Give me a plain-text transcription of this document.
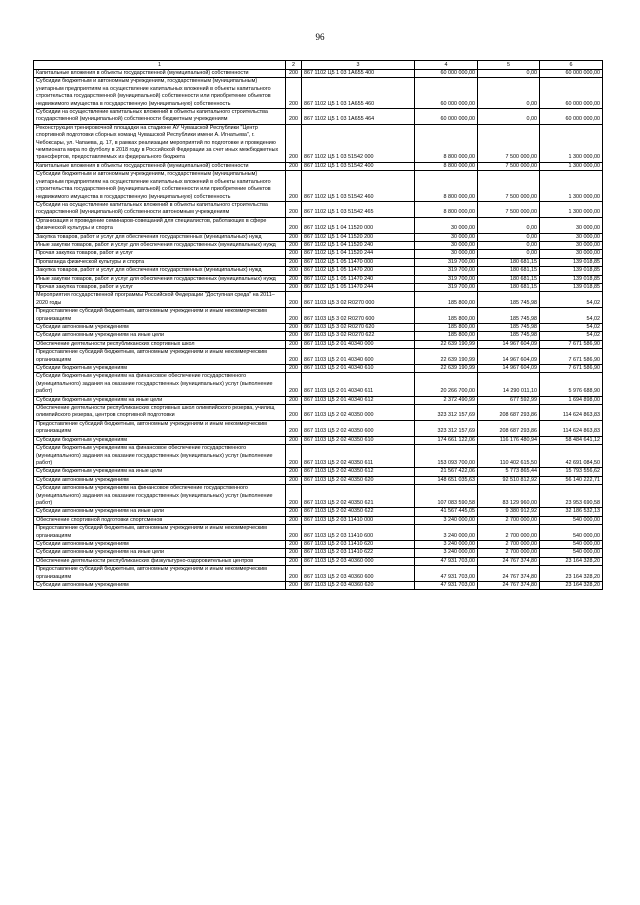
96
1	2	3	4	5	6
Капитальные вложения в объекты государственной (муниципальной) собственности	200	867 1102 Ц5 1 03 1А655 400	60 000 000,00	0,00	60 000 000,00
Субсидии бюджетным и автономным учреждениям, государственным (муниципальным) унитарным предприятиям на осуществление капитальных вложений в объекты капитального строительства государственной (муниципальной) собственности или приобретение объектов недвижимого имущества в государственную (муниципальную) собственность	200	867 1102 Ц5 1 03 1А655 460	60 000 000,00	0,00	60 000 000,00
Субсидии на осуществление капитальных вложений в объекты капитального строительства государственной (муниципальной) собственности бюджетным учреждениям	200	867 1102 Ц5 1 03 1А655 464	60 000 000,00	0,00	60 000 000,00
Реконструкция тренировочной площадки на стадионе АУ Чувашской Республики "Центр спортивной подготовки сборных команд Чувашской Республики имени А. Игнатьева", г. Чебоксары, ул. Чапаева, д. 17, в рамках реализации мероприятий по подготовке и проведению чемпионата мира по футболу в 2018 году в Российской Федерации за счет иных межбюджетных трансфертов, предоставляемых из федерального бюджета	200	867 1102 Ц5 1 03 51542 000	8 800 000,00	7 500 000,00	1 300 000,00
Капитальные вложения в объекты государственной (муниципальной) собственности	200	867 1102 Ц5 1 03 51542 400	8 800 000,00	7 500 000,00	1 300 000,00
Субсидии бюджетным и автономным учреждениям, государственным (муниципальным) унитарным предприятиям на осуществление капитальных вложений в объекты капитального строительства государственной (муниципальной) собственности или приобретение объектов недвижимого имущества в государственную (муниципальную) собственность	200	867 1102 Ц5 1 03 51542 460	8 800 000,00	7 500 000,00	1 300 000,00
Субсидии на осуществление капитальных вложений в объекты капитального строительства государственной (муниципальной) собственности автономным учреждениям	200	867 1102 Ц5 1 03 51542 465	8 800 000,00	7 500 000,00	1 300 000,00
Организация и проведение семинаров-совещаний для специалистов, работающих в сфере физической культуры и спорта	200	867 1102 Ц5 1 04 11520 000	30 000,00	0,00	30 000,00
Закупка товаров, работ и услуг для обеспечения государственных (муниципальных) нужд	200	867 1102 Ц5 1 04 11520 200	30 000,00	0,00	30 000,00
Иные закупки товаров, работ и услуг для обеспечения государственных (муниципальных) нужд	200	867 1102 Ц5 1 04 11520 240	30 000,00	0,00	30 000,00
Прочая закупка товаров, работ и услуг	200	867 1102 Ц5 1 04 11520 244	30 000,00	0,00	30 000,00
Пропаганда физической культуры и спорта	200	867 1102 Ц5 1 05 11470 000	319 700,00	180 681,15	139 018,85
Закупка товаров, работ и услуг для обеспечения государственных (муниципальных) нужд	200	867 1102 Ц5 1 05 11470 200	319 700,00	180 681,15	139 018,85
Иные закупки товаров, работ и услуг для обеспечения государственных (муниципальных) нужд	200	867 1102 Ц5 1 05 11470 240	319 700,00	180 681,15	139 018,85
Прочая закупка товаров, работ и услуг	200	867 1102 Ц5 1 05 11470 244	319 700,00	180 681,15	139 018,85
Мероприятия государственной программы Российской Федерации "Доступная среда" на 2011–2020 годы	200	867 1103 Ц5 3 02 R0270 000	185 800,00	185 745,98	54,02
Предоставление субсидий бюджетным, автономным учреждениям и иным некоммерческим организациям	200	867 1103 Ц5 3 02 R0270 600	185 800,00	185 745,98	54,02
Субсидии автономным учреждениям	200	867 1103 Ц5 3 02 R0270 620	185 800,00	185 745,98	54,02
Субсидии автономным учреждениям на иные цели	200	867 1103 Ц5 3 02 R0270 622	185 800,00	185 745,98	54,02
Обеспечение деятельности республиканских спортивных школ	200	867 1103 Ц5 2 01 40340 000	22 639 190,99	14 967 604,09	7 671 586,90
Предоставление субсидий бюджетным, автономным учреждениям и иным некоммерческим организациям	200	867 1103 Ц5 2 01 40340 600	22 639 190,99	14 967 604,09	7 671 586,90
Субсидии бюджетным учреждениям	200	867 1103 Ц5 2 01 40340 610	22 639 190,99	14 967 604,09	7 671 586,90
Субсидии бюджетным учреждениям на финансовое обеспечение государственного (муниципального) задания на оказание государственных (муниципальных) услуг (выполнение работ)	200	867 1103 Ц5 2 01 40340 611	20 266 700,00	14 290 011,10	5 976 688,90
Субсидии бюджетным учреждениям на иные цели	200	867 1103 Ц5 2 01 40340 612	2 372 490,99	677 592,99	1 694 898,00
Обеспечение деятельности республиканских спортивных школ олимпийского резерва, училищ олимпийского резерва, центров спортивной подготовки	200	867 1103 Ц5 2 02 40350 000	323 312 157,69	208 687 293,86	114 624 863,83
Предоставление субсидий бюджетным, автономным учреждениям и иным некоммерческим организациям	200	867 1103 Ц5 2 02 40350 600	323 312 157,69	208 687 293,86	114 624 863,83
Субсидии бюджетным учреждениям	200	867 1103 Ц5 2 02 40350 610	174 661 122,06	116 176 480,94	58 484 641,12
Субсидии бюджетным учреждениям на финансовое обеспечение государственного (муниципального) задания на оказание государственных (муниципальных) услуг (выполнение работ)	200	867 1103 Ц5 2 02 40350 611	153 093 700,00	110 402 615,50	42 691 084,50
Субсидии бюджетным учреждениям на иные цели	200	867 1103 Ц5 2 02 40350 612	21 567 422,06	5 773 865,44	15 793 556,62
Субсидии автономным учреждениям	200	867 1103 Ц5 2 02 40350 620	148 651 035,63	92 510 812,92	56 140 222,71
Субсидии автономным учреждениям на финансовое обеспечение государственного (муниципального) задания на оказание государственных (муниципальных) услуг (выполнение работ)	200	867 1103 Ц5 2 02 40350 621	107 083 590,58	83 129 960,00	23 953 690,58
Субсидии автономным учреждениям на иные цели	200	867 1103 Ц5 2 02 40350 622	41 567 445,05	9 380 912,92	32 186 532,13
Обеспечение спортивной подготовки спортсменов	200	867 1103 Ц5 2 03 11410 000	3 240 000,00	2 700 000,00	540 000,00
Предоставление субсидий бюджетным, автономным учреждениям и иным некоммерческим организациям	200	867 1103 Ц5 2 03 11410 600	3 240 000,00	2 700 000,00	540 000,00
Субсидии автономным учреждениям	200	867 1103 Ц5 2 03 11410 620	3 240 000,00	2 700 000,00	540 000,00
Субсидии автономным учреждениям на иные цели	200	867 1103 Ц5 2 03 11410 622	3 240 000,00	2 700 000,00	540 000,00
Обеспечение деятельности республиканских физкультурно-оздоровительных центров	200	867 1103 Ц5 2 03 40360 000	47 931 703,00	24 767 374,80	23 164 328,20
Предоставление субсидий бюджетным, автономным учреждениям и иным некоммерческим организациям	200	867 1103 Ц5 2 03 40360 600	47 931 703,00	24 767 374,80	23 164 328,20
Субсидии автономным учреждениям	200	867 1103 Ц5 2 03 40360 620	47 931 703,00	24 767 374,80	23 164 328,20
